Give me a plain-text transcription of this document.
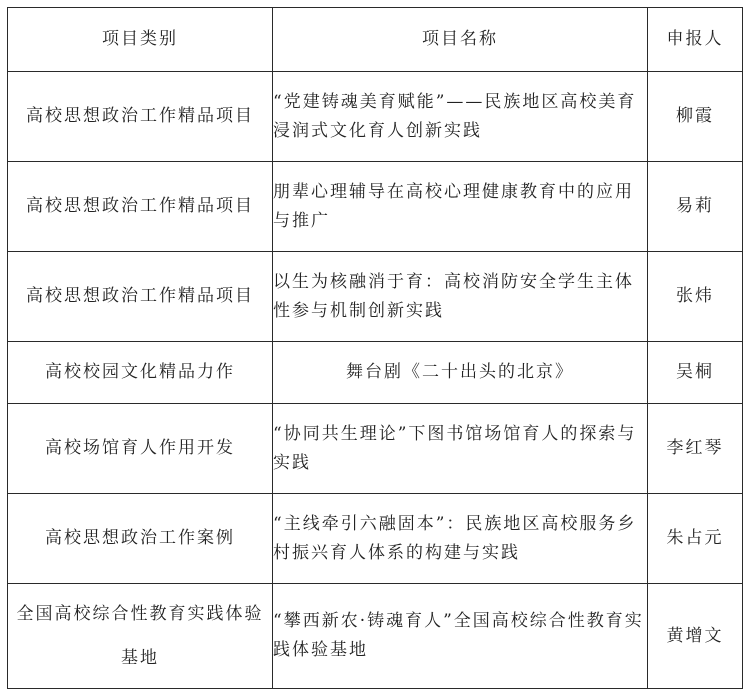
项目类别	项目名称	申报人
高校思想政治工作精品项目	“党建铸魂美育赋能”——民族地区高校美育浸润式文化育人创新实践	柳霞
高校思想政治工作精品项目	朋辈心理辅导在高校心理健康教育中的应用与推广	易莉
高校思想政治工作精品项目	以生为核融消于育：高校消防安全学生主体性参与机制创新实践	张炜
高校校园文化精品力作	舞台剧《二十出头的北京》	吴桐
高校场馆育人作用开发	“协同共生理论”下图书馆场馆育人的探索与实践	李红琴
高校思想政治工作案例	“主线牵引六融固本”：民族地区高校服务乡村振兴育人体系的构建与实践	朱占元
全国高校综合性教育实践体验基地	“攀西新农·铸魂育人”全国高校综合性教育实践体验基地	黄增文
